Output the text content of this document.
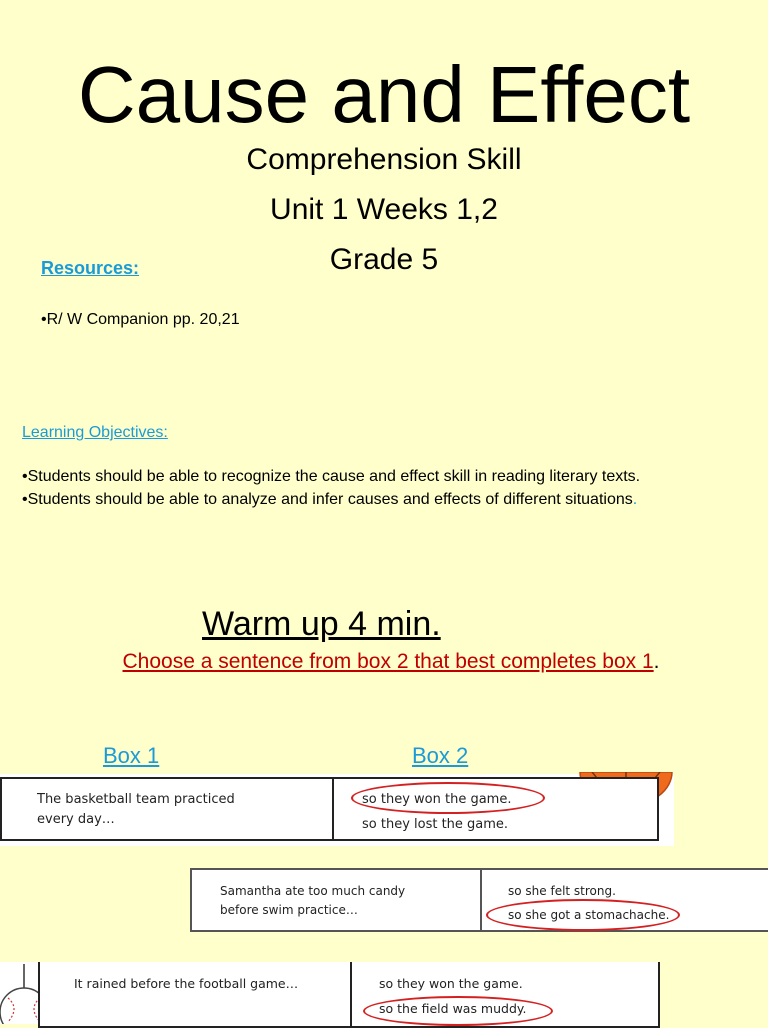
Cause and Effect
Comprehension Skill
Unit 1 Weeks 1,2
Grade 5
Resources:
•R/ W Companion pp. 20,21
Learning Objectives:
•Students should be able to recognize the cause and effect skill in reading literary texts.
•Students should be able to analyze and infer causes and effects of different situations.
Warm up 4 min.
Choose a sentence from box 2 that best completes box 1.
Box 1	Box 2
The basketball team practiced
every day…
so they won the game.
so they lost the game.
Samantha ate too much candy
before swim practice…
so she felt strong.
so she got a stomachache.
It rained before the football game…	so they won the game.
so the field was muddy.
